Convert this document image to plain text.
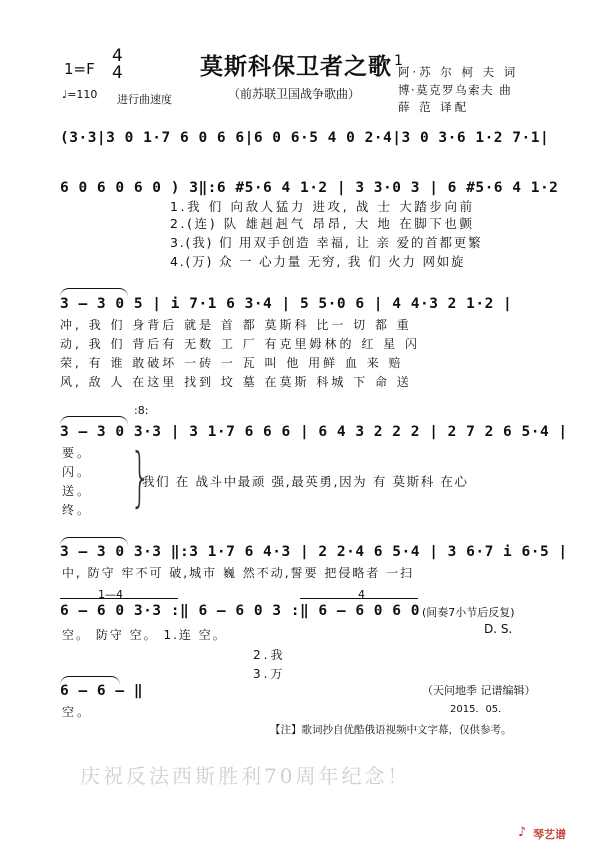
1=F
4
4
♩=110 进行曲速度
莫斯科保卫者之歌 $^1$
（前苏联卫国战争歌曲）
阿·苏 尔 柯 夫 词
博·莫克罗乌索夫 曲
薛 范 译配
(3·3|3 0 1·7 6 0 6 6|6 0 6·5 4 0 2·4|3 0 3·6 1·2 7·1|
6 0 6 0 6 0 ) 3‖:6 #5·6 4 1·2 | 3 3·0 3 | 6 #5·6 4 1·2
1.我 们 向敌人猛力 进攻, 战 士 大踏步向前
2.(连) 队 雄赳赳气 昂昂, 大 地 在脚下也颤
3.(我) 们 用双手创造 幸福, 让 亲 爱的首都更繁
4.(万) 众 一 心力量 无穷, 我 们 火力 网如旋
3 – 3 0 5 | i 7·1 6 3·4 | 5 5·0 6 | 4 4·3 2 1·2 |
冲, 我 们 身背后 就是 首 都 莫斯科 比一 切 都 重
动, 我 们 背后有 无数 工 厂 有克里姆林的 红 星 闪
荣, 有 谁 敢破坏 一砖 一 瓦 叫 他 用鲜 血 来 赔
风, 敌 人 在这里 找到 坟 墓 在莫斯 科城 下 命 送
:8:
3 – 3 0 3·3 | 3 1·7 6 6 6 | 6 4 3 2 2 2 | 2 7 2 6 5·4 |
要。
闪。
送。
终。 }
我们 在 战斗中最顽 强,最英勇,因为 有 莫斯科 在心
3 – 3 0 3·3 ‖:3 1·7 6 4·3 | 2 2·4 6 5·4 | 3 6·7 i 6·5 |
中, 防守 牢不可 破,城市 巍 然不动,誓要 把侵略者 一扫
1—4	4
6 – 6 0 3·3 :‖ 6 – 6 0 3 :‖ 6 – 6 0 6 0 (间奏7小节后反复)
D. S.
空。 防守 空。 1.连 空。
2.我
3.万
6 – 6 – ‖
空。
（天问地季 记谱编辑）
2015．05．
【注】歌词抄自优酷俄语视频中文字幕，仅供参考。
庆祝反法西斯胜利70周年纪念！
♪ 琴艺谱
